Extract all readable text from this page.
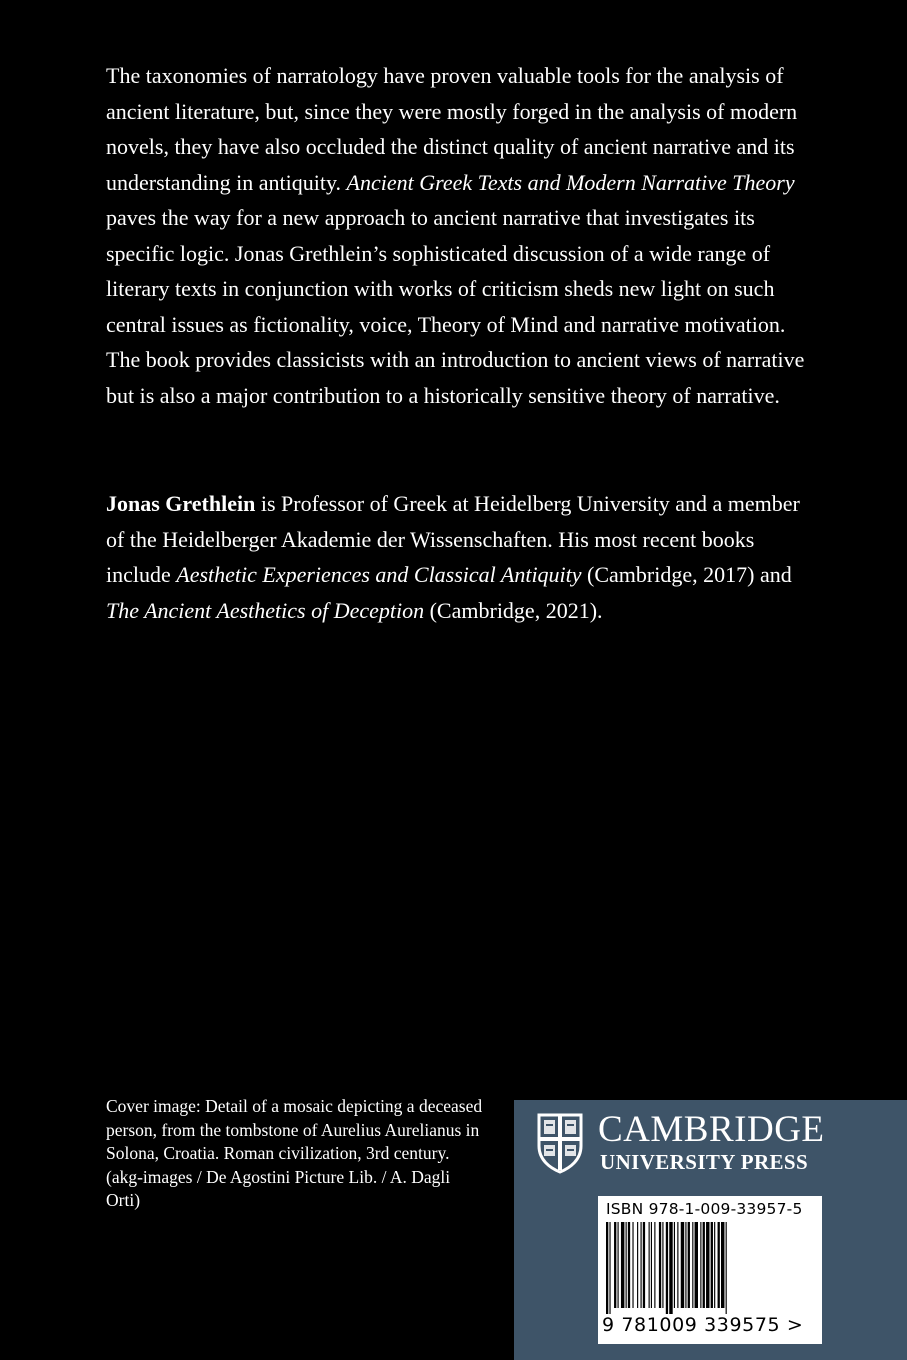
The taxonomies of narratology have proven valuable tools for the analysis of ancient literature, but, since they were mostly forged in the analysis of modern novels, they have also occluded the distinct quality of ancient narrative and its understanding in antiquity. Ancient Greek Texts and Modern Narrative Theory paves the way for a new approach to ancient narrative that investigates its specific logic. Jonas Grethlein’s sophisticated discussion of a wide range of literary texts in conjunction with works of criticism sheds new light on such central issues as fictionality, voice, Theory of Mind and narrative motivation. The book provides classicists with an introduction to ancient views of narrative but is also a major contribution to a historically sensitive theory of narrative.

Jonas Grethlein is Professor of Greek at Heidelberg University and a member of the Heidelberger Akademie der Wissenschaften. His most recent books include Aesthetic Experiences and Classical Antiquity (Cambridge, 2017) and The Ancient Aesthetics of Deception (Cambridge, 2021).

Cover image: Detail of a mosaic depicting a deceased person, from the tombstone of Aurelius Aurelianus in Solona, Croatia. Roman civilization, 3rd century. (akg-images / De Agostini Picture Lib. / A. Dagli Orti)

CAMBRIDGE
UNIVERSITY PRESS
ISBN 978-1-009-33957-5
9 781009 339575 >
